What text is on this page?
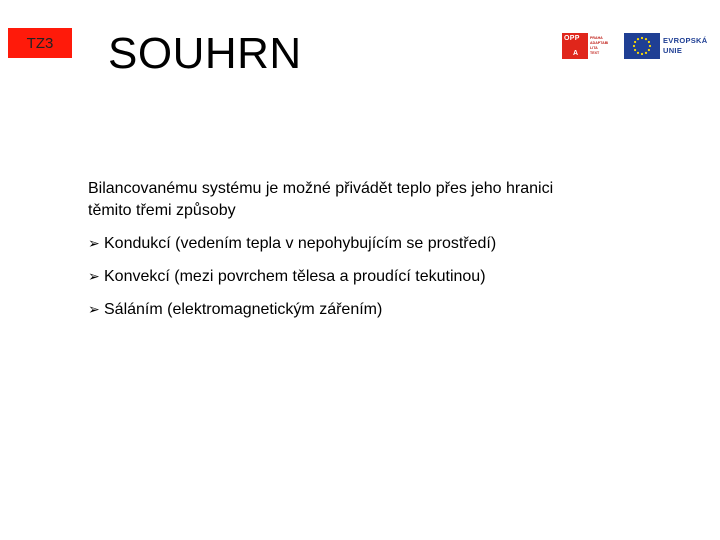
TZ3	SOUHRN	OPP
A
PRAHA
ADAPTABI
LITA
TEXT
EVROPSKÁ
UNIE

Bilancovanému systému je možné přivádět teplo přes jeho hranici těmito třemi způsoby

➢ Kondukcí (vedením tepla v nepohybujícím se prostředí)
➢ Konvekcí (mezi povrchem tělesa a proudící tekutinou)
➢ Sáláním (elektromagnetickým zářením)
